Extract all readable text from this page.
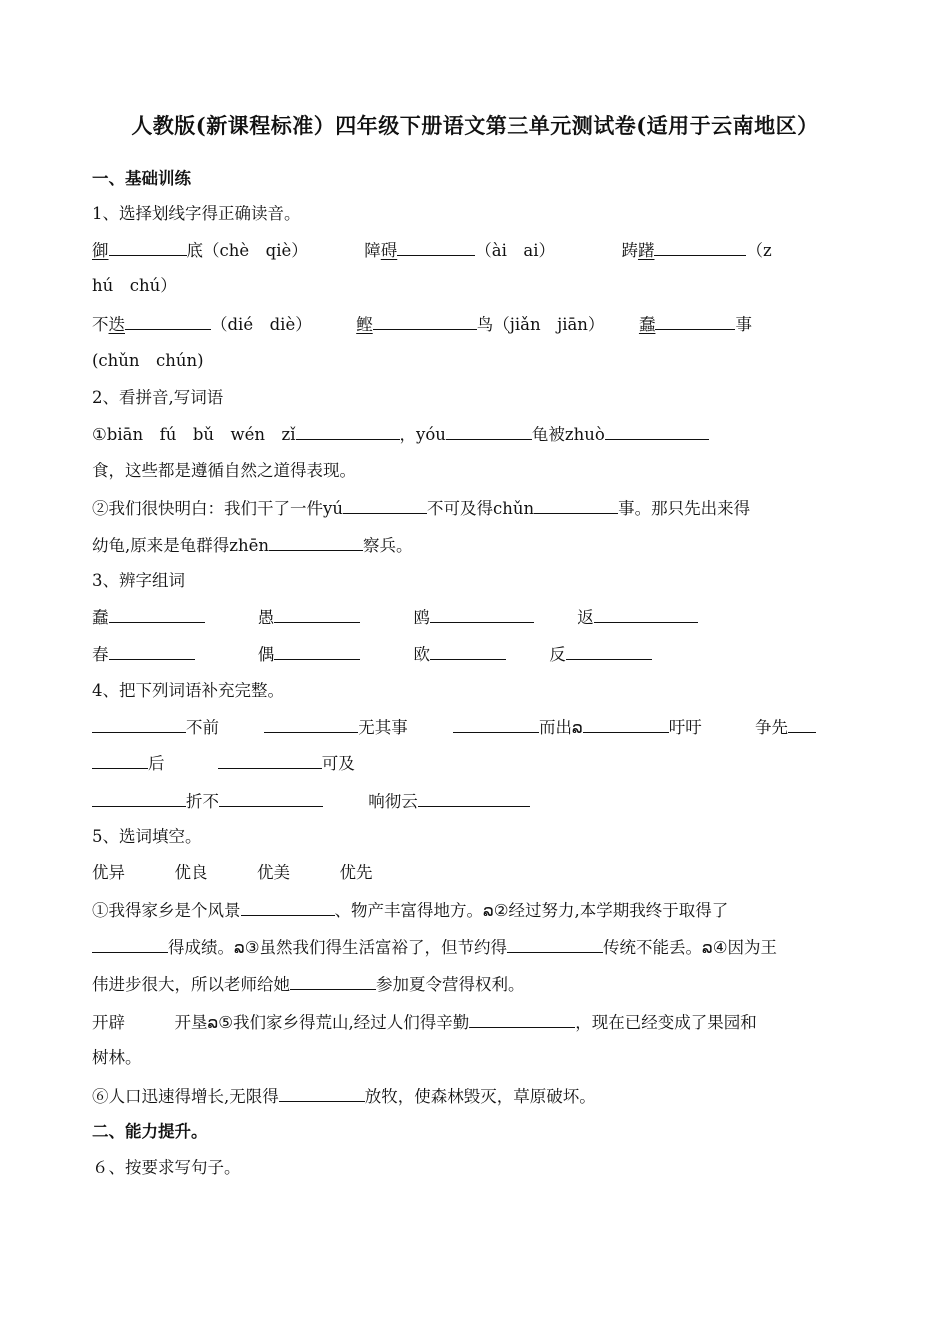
人教版(新课程标准）四年级下册语文第三单元测试卷(适用于云南地区）
一、基础训练
1、选择划线字得正确读音。
御	底（chè　qiè）	障碍	（ài　ai）	踌躇	（z
hú　chú）
不迭	（dié　diè）	鲣	鸟（jiǎn　jiān） 蠢	事
(chǔn　chún)
2、看拼音,写词语
①biān　fú　bǔ　wén　zǐ	，yóu	龟被zhuò
食，这些都是遵循自然之道得表现。
②我们很快明白：我们干了一件yú	不可及得chǔn	事。那只先出来得
幼龟,原来是龟群得zhēn	察兵。
3、辨字组词
蠢	愚	鸥	返
春	偶	欧	反
4、把下列词语补充完整。
不前	无其事	而出ລ	吁吁	争先
后	可及
折不	响彻云
5、选词填空。
优异　　　优良　　　优美　　　优先
①我得家乡是个风景	、物产丰富得地方。ລ②经过努力,本学期我终于取得了
得成绩。ລ③虽然我们得生活富裕了，但节约得	传统不能丢。ລ④因为王
伟进步很大，所以老师给她	参加夏令营得权利。
开辟　　　开垦ລ⑤我们家乡得荒山,经过人们得辛勤	，现在已经变成了果园和
树林。
⑥人口迅速得增长,无限得	放牧，使森林毁灭，草原破坏。
二、能力提升。
６、按要求写句子。
